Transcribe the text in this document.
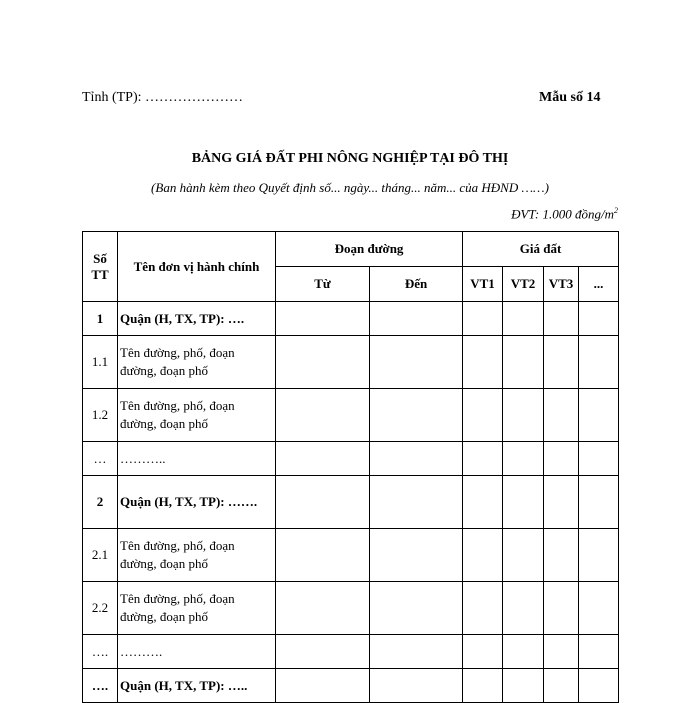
Tỉnh (TP): …………………	Mẫu số 14
BẢNG GIÁ ĐẤT PHI NÔNG NGHIỆP TẠI ĐÔ THỊ
(Ban hành kèm theo Quyết định số... ngày... tháng... năm... của HĐND ……)
ĐVT: 1.000 đồng/$m^2$
Số TT	Tên đơn vị hành chính	Đoạn đường		Giá đất			
		Từ	Đến	VT1	VT2	VT3	...
1	Quận (H, TX, TP): ….						
1.1	Tên đường, phố, đoạn đường, đoạn phố						
1.2	Tên đường, phố, đoạn đường, đoạn phố						
…	………..						
2	Quận (H, TX, TP): …….						
2.1	Tên đường, phố, đoạn đường, đoạn phố						
2.2	Tên đường, phố, đoạn đường, đoạn phố						
….	……….						
….	Quận (H, TX, TP): …..						
